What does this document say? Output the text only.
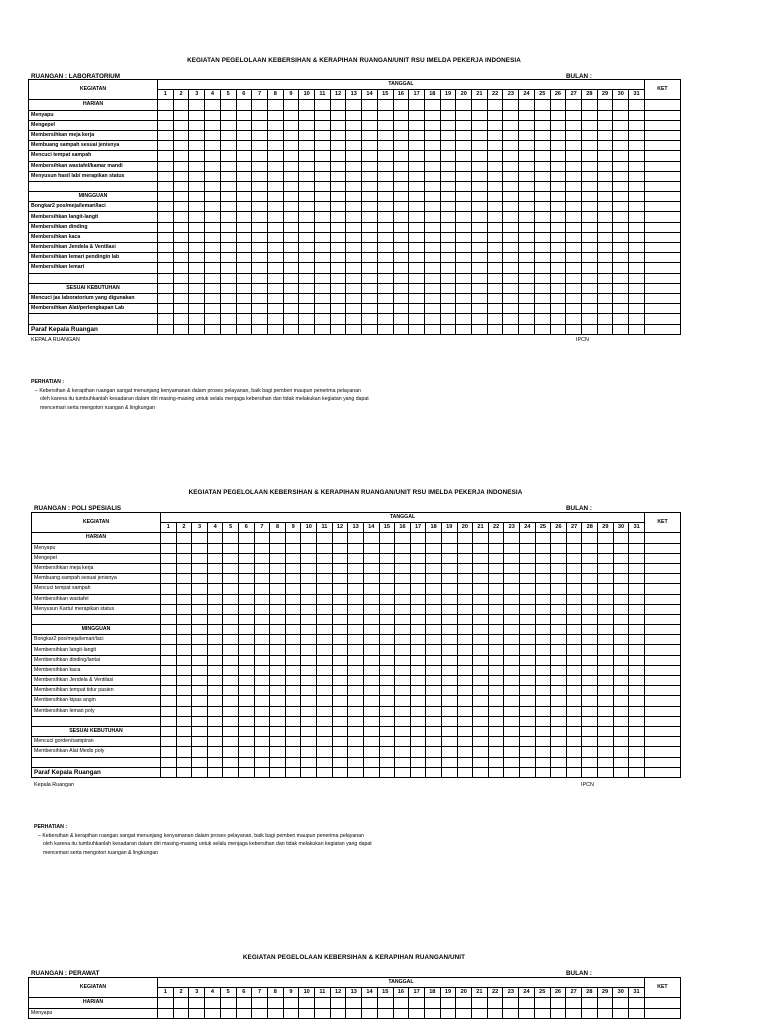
KEGIATAN PEGELOLAAN KEBERSIHAN & KERAPIHAN RUANGAN/UNIT RSU IMELDA PEKERJA INDONESIA
RUANGAN : LABORATORIUM	BULAN :
KEGIATAN	TANGGAL																															KET
	1	2	3	4	5	6	7	8	9	10	11	12	13	14	15	16	17	18	19	20	21	22	23	24	25	26	27	28	29	30	31	
HARIAN																																
Menyapu																																
Mengepel																																
Membersihkan meja kerja																																
Membuang sampah sesuai jenisnya																																
Mencuci tempat sampah																																
Membersihkan wastafel/kamar mandi																																
Menyusun hasil lab/ merapikan status																																

MINGGUAN																																
Bongkar2 pos/meja/lemari/laci																																
Membersihkan langit-langit																																
Membersihkan dinding																																
Membersihkan kaca																																
Membersihkan Jendela & Ventilasi																																
Membersihkan lemari pendingin lab																																
Membersihkan lemari																																

SESUAI KEBUTUHAN																																
Mencuci jas laboratorium yang digunakan																																
Membersihkan Alat/perlengkapan Lab																																

Paraf Kepala Ruangan																																
KEPALA RUANGAN	IPCN
PERHATIAN :
– Kebersihan & kerapihan ruangan sangat menunjang kenyamanan dalam proses pelayanan, baik bagi pemberi maupun penerima pelayanan
oleh karena itu tumbuhkanlah kesadaran dalam diri masing-masing untuk selalu menjaga kebersihan dan tidak melakukan kegiatan yang dapat
mencemari serta mengotori ruangan & lingkungan
KEGIATAN PEGELOLAAN KEBERSIHAN & KERAPIHAN RUANGAN/UNIT RSU IMELDA PEKERJA INDONESIA
RUANGAN : POLI SPESIALIS	BULAN :
KEGIATAN	TANGGAL																															KET
	1	2	3	4	5	6	7	8	9	10	11	12	13	14	15	16	17	18	19	20	21	22	23	24	25	26	27	28	29	30	31	
HARIAN																																
Menyapu																																
Mengepel																																
Membersihkan meja kerja																																
Membuang sampah sesuai jenisnya																																
Mencuci tempat sampah																																
Membersihkan wastafel																																
Menyusun Kartu/ merapikan status																																

MINGGUAN																																
Bongkar2 pos/meja/lemari/laci																																
Membersihkan langit-langit																																
Membersihkan dinding/lantai																																
Membersihkan kaca																																
Membersihkan Jendela & Ventilasi																																
Membersihkan tempat tidur pasien																																
Membersihkan kipas angin																																
Membersihkan lemari poly																																

SESUAI KEBUTUHAN																																
Mencuci gorden/sampiran																																
Membersihkan Alat Medis poly																																

Paraf Kepala Ruangan																																
Kepala Ruangan	IPCN
PERHATIAN :
– Kebersihan & kerapihan ruangan sangat menunjang kenyamanan dalam proses pelayanan, baik bagi pemberi maupun penerima pelayanan
oleh karena itu tumbuhkanlah kesadaran dalam diri masing-masing untuk selalu menjaga kebersihan dan tidak melakukan kegiatan yang dapat
mencemari serta mengotori ruangan & lingkungan
KEGIATAN PEGELOLAAN KEBERSIHAN & KERAPIHAN RUANGAN/UNIT
RUANGAN : PERAWAT	BULAN :
KEGIATAN	TANGGAL																															KET
	1	2	3	4	5	6	7	8	9	10	11	12	13	14	15	16	17	18	19	20	21	22	23	24	25	26	27	28	29	30	31	
HARIAN																																
Menyapu																																
